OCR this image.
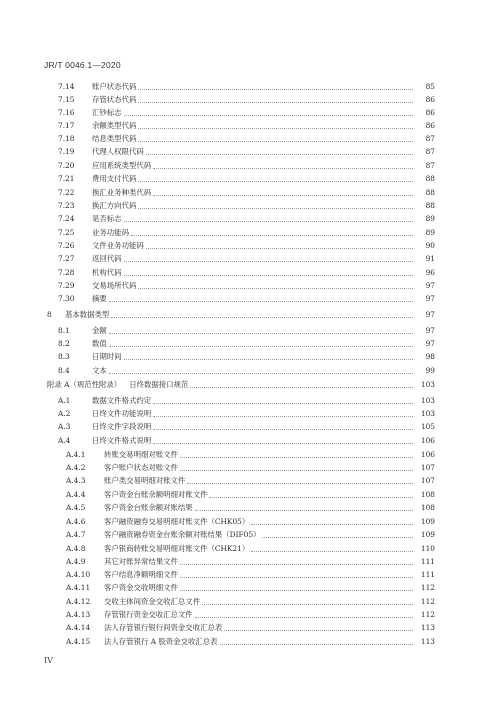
JR/T 0046.1—2020
7.14	账户状态代码	85
7.15	存管状态代码	86
7.16	汇钞标志	86
7.17	余额类型代码	86
7.18	结息类型代码	87
7.19	代理人权限代码	87
7.20	应用系统类型代码	87
7.21	费用支付代码	88
7.22	换汇业务种类代码	88
7.23	换汇方向代码	88
7.24	是否标志	89
7.25	业务功能码	89
7.26	文件业务功能码	90
7.27	返回代码	91
7.28	机构代码	96
7.29	交易场所代码	97
7.30	摘要	97
8	基本数据类型	97
8.1	金额	97
8.2	数值	97
8.3	日期时间	98
8.4	文本	99
附录 A（规范性附录） 日终数据接口规范	103
A.1	数据文件格式约定	103
A.2	日终文件功能说明	103
A.3	日终文件字段说明	105
A.4	日终文件格式说明	106
A.4.1	转账交易明细对账文件	106
A.4.2	客户账户状态对账文件	107
A.4.3	账户类交易明细对账文件	107
A.4.4	客户资金台账余额明细对账文件	108
A.4.5	客户资金台账余额对账结果	108
A.4.6	客户融资融券交易明细对账文件（CHK05）	109
A.4.7	客户融资融券资金台账余额对账结果（DIF05）	109
A.4.8	客户银商转账交易明细对账文件（CHK21）	110
A.4.9	其它对账异常结果文件	111
A.4.10	客户结息净额明细文件	111
A.4.11	客户资金交收明细文件	112
A.4.12	交收主体间资金交收汇总文件	112
A.4.13	存管银行资金交收汇总文件	112
A.4.14	法人存管银行银行间资金交收汇总表	113
A.4.15	法人存管银行 A 股资金交收汇总表	113
IV
